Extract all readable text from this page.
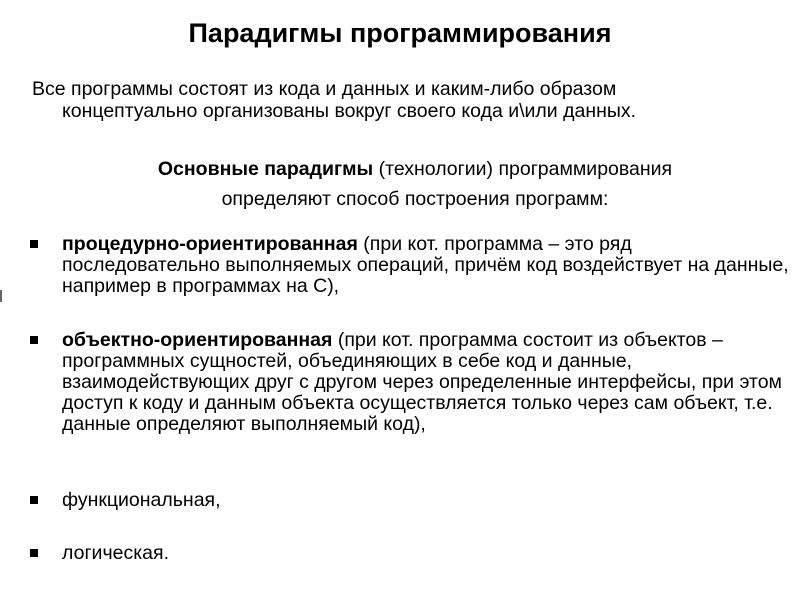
Парадигмы программирования
Все программы состоят из кода и данных и каким-либо образом
концептуально организованы вокруг своего кода и\или данных.
Основные парадигмы (технологии) программирования
определяют способ построения программ:
процедурно-ориентированная (при кот. программа – это ряд последовательно выполняемых операций, причём код воздействует на данные, например в программах на С),
объектно-ориентированная (при кот. программа состоит из объектов – программных сущностей, объединяющих в себе код и данные, взаимодействующих друг с другом через определенные интерфейсы, при этом доступ к коду и данным объекта осуществляется только через сам объект, т.е. данные определяют выполняемый код),
функциональная,
логическая.
